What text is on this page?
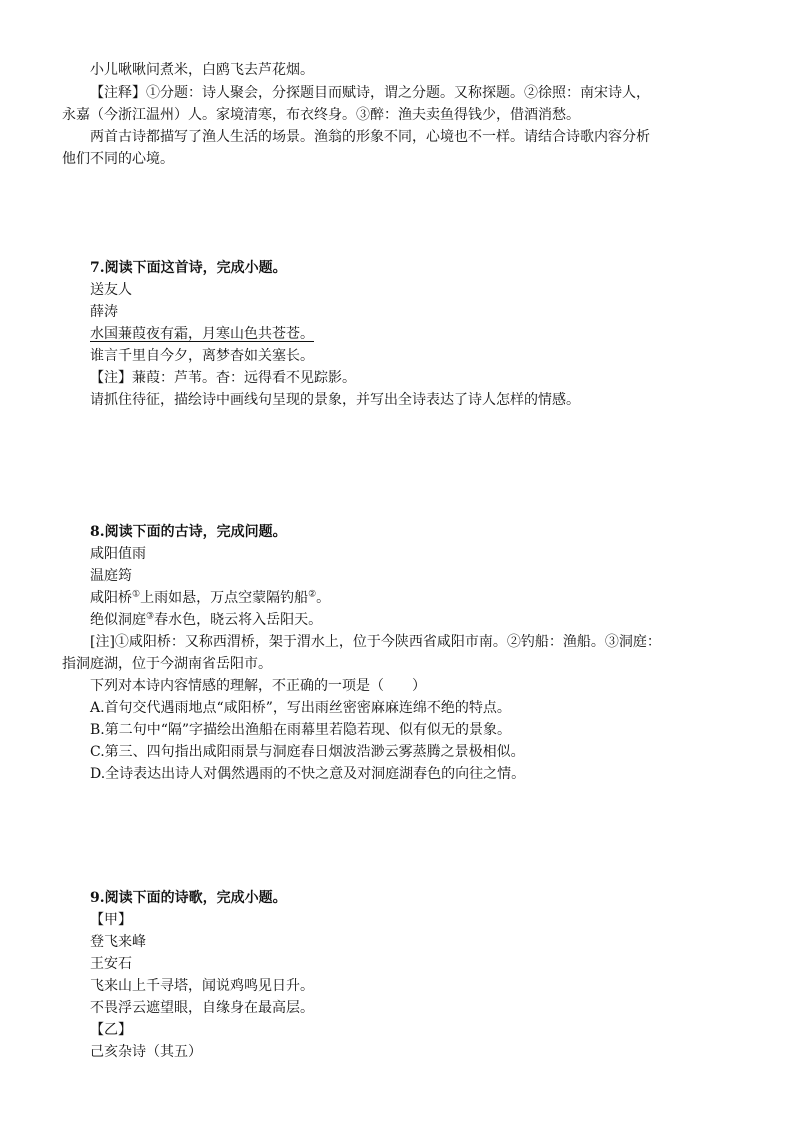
小儿啾啾问煮米，白鸥飞去芦花烟。
【注释】①分题：诗人聚会，分探题目而赋诗，谓之分题。又称探题。②徐照：南宋诗人，
永嘉（今浙江温州）人。家境清寒，布衣终身。③醉：渔夫卖鱼得钱少，借酒消愁。
两首古诗都描写了渔人生活的场景。渔翁的形象不同，心境也不一样。请结合诗歌内容分析
他们不同的心境。
7.阅读下面这首诗，完成小题。
送友人
薛涛
水国蒹葭夜有霜，月寒山色共苍苍。
谁言千里自今夕，离梦杳如关塞长。
【注】蒹葭：芦苇。杳：远得看不见踪影。
请抓住待征，描绘诗中画线句呈现的景象，并写出全诗表达了诗人怎样的情感。
8.阅读下面的古诗，完成问题。
咸阳值雨
温庭筠
咸阳桥①上雨如悬，万点空蒙隔钓船②。
绝似洞庭③春水色，晓云将入岳阳天。
[注]①咸阳桥：又称西渭桥，架于渭水上，位于今陕西省咸阳市南。②钓船：渔船。③洞庭：
指洞庭湖，位于今湖南省岳阳市。
下列对本诗内容情感的理解，不正确的一项是（　　）
A.首句交代遇雨地点“咸阳桥”，写出雨丝密密麻麻连绵不绝的特点。
B.第二句中“隔”字描绘出渔船在雨幕里若隐若现、似有似无的景象。
C.第三、四句指出咸阳雨景与洞庭春日烟波浩渺云雾蒸腾之景极相似。
D.全诗表达出诗人对偶然遇雨的不快之意及对洞庭湖春色的向往之情。
9.阅读下面的诗歌，完成小题。
【甲】
登飞来峰
王安石
飞来山上千寻塔，闻说鸡鸣见日升。
不畏浮云遮望眼，自缘身在最高层。
【乙】
己亥杂诗（其五）
